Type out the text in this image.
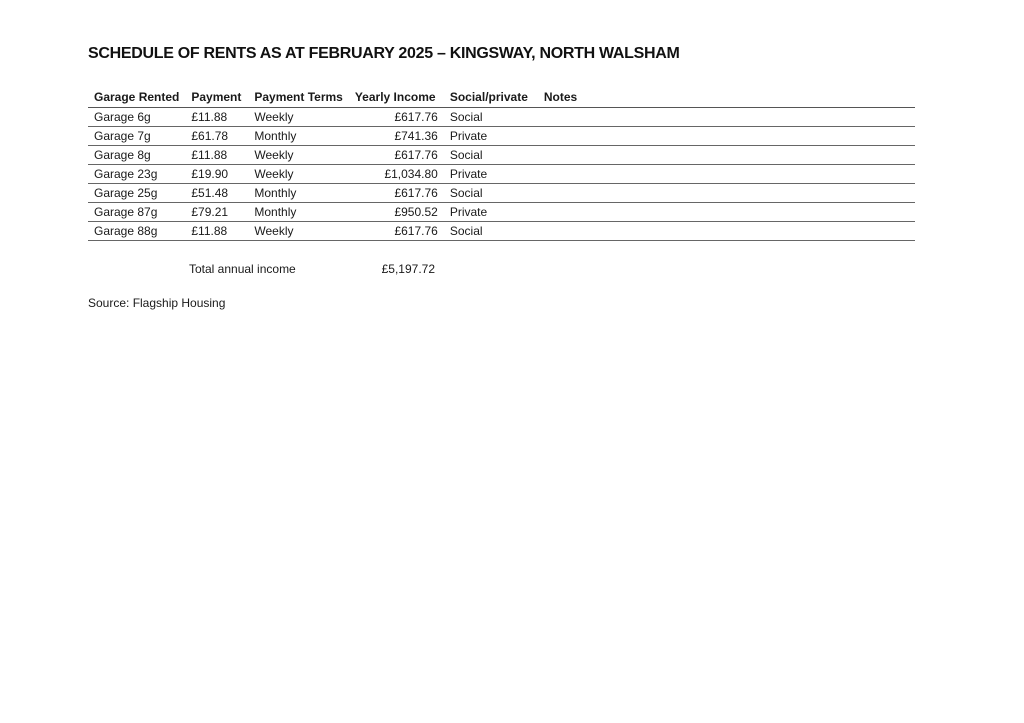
SCHEDULE OF RENTS AS AT FEBRUARY 2025 – KINGSWAY, NORTH WALSHAM
Garage Rented	Payment	Payment Terms	Yearly Income	Social/private	Notes
Garage 6g	£11.88	Weekly	£617.76	Social	
Garage 7g	£61.78	Monthly	£741.36	Private	
Garage 8g	£11.88	Weekly	£617.76	Social	
Garage 23g	£19.90	Weekly	£1,034.80	Private	
Garage 25g	£51.48	Monthly	£617.76	Social	
Garage 87g	£79.21	Monthly	£950.52	Private	
Garage 88g	£11.88	Weekly	£617.76	Social	
Total annual income	£5,197.72
Source: Flagship Housing
